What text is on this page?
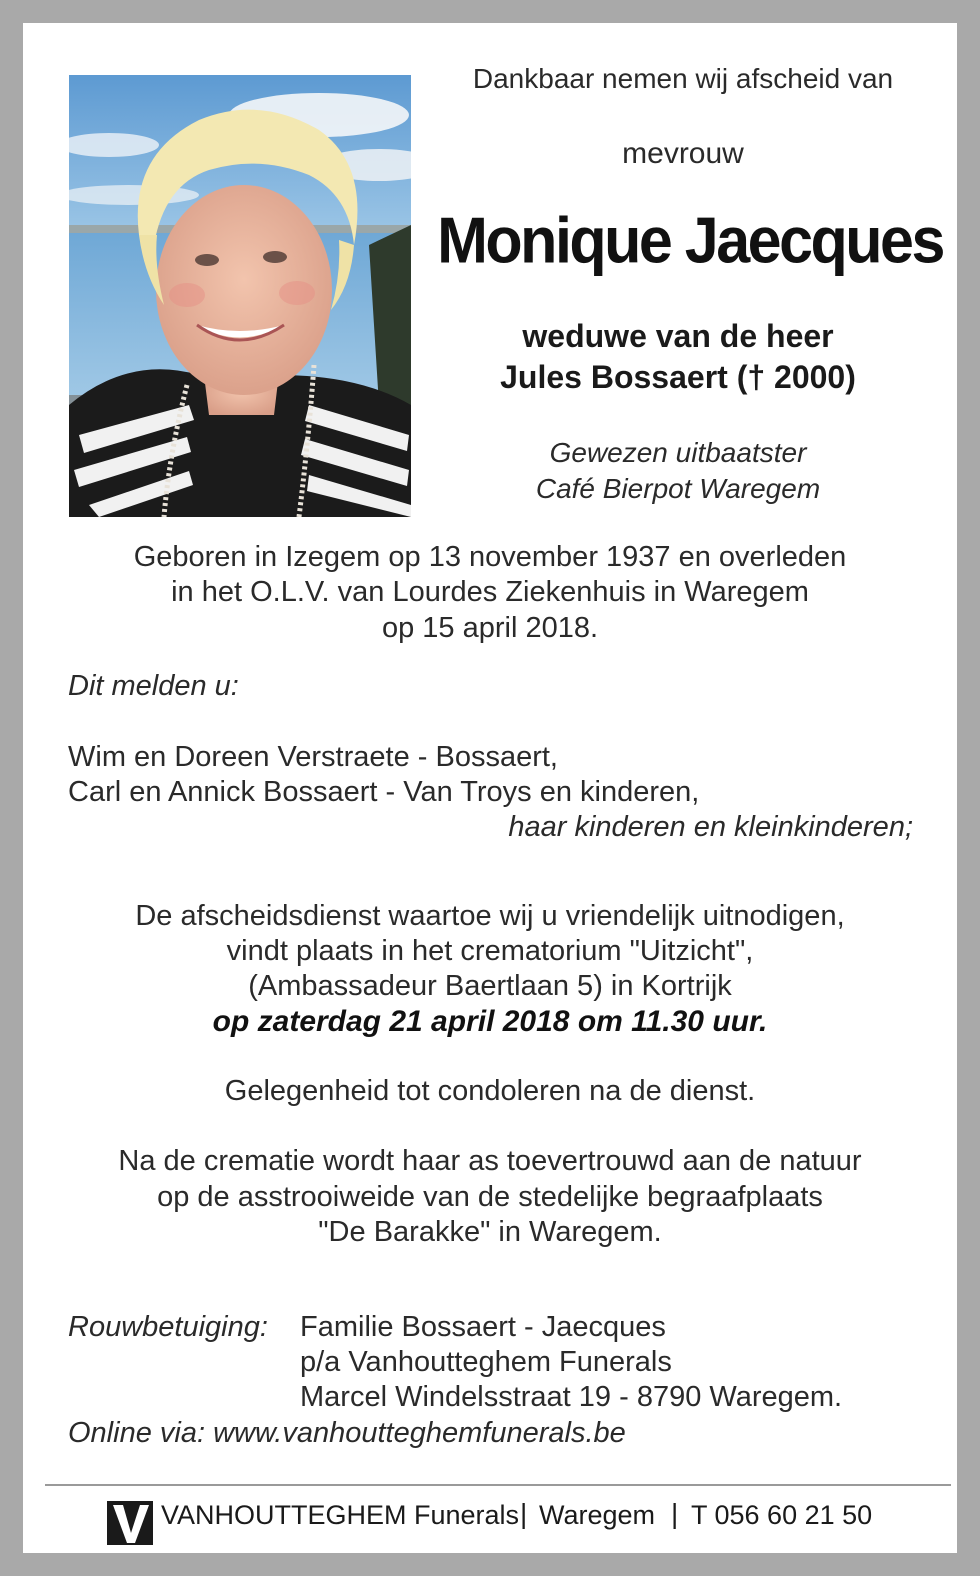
Dankbaar nemen wij afscheid van
mevrouw
Monique Jaecques
weduwe van de heer
Jules Bossaert († 2000)
Gewezen uitbaatster
Café Bierpot Waregem
Geboren in Izegem op 13 november 1937 en overleden
in het O.L.V. van Lourdes Ziekenhuis in Waregem
op 15 april 2018.
Dit melden u:
Wim en Doreen Verstraete - Bossaert,
Carl en Annick Bossaert - Van Troys en kinderen,
haar kinderen en kleinkinderen;
De afscheidsdienst waartoe wij u vriendelijk uitnodigen,
vindt plaats in het crematorium "Uitzicht",
(Ambassadeur Baertlaan 5) in Kortrijk
op zaterdag 21 april 2018 om 11.30 uur.
Gelegenheid tot condoleren na de dienst.
Na de crematie wordt haar as toevertrouwd aan de natuur
op de asstrooiweide van de stedelijke begraafplaats
"De Barakke" in Waregem.
Rouwbetuiging: Familie Bossaert - Jaecques
p/a Vanhoutteghem Funerals
Marcel Windelsstraat 19 - 8790 Waregem.
Online via: www.vanhoutteghemfunerals.be
VANHOUTTEGHEM Funerals | Waregem | T 056 60 21 50
